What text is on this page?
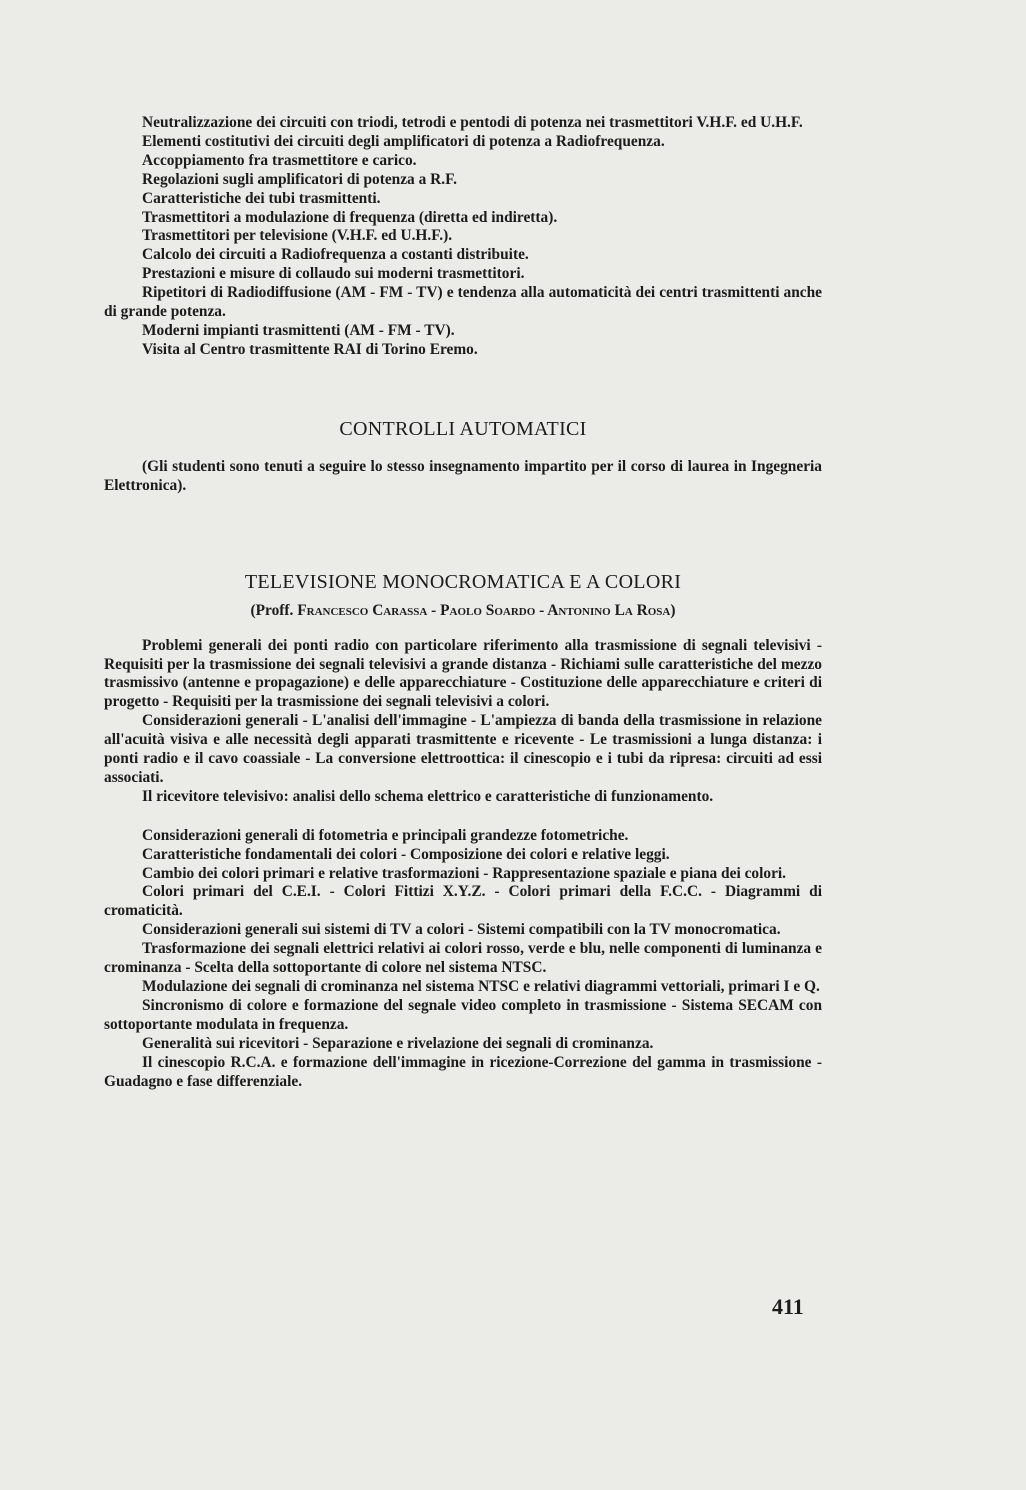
Neutralizzazione dei circuiti con triodi, tetrodi e pentodi di potenza nei trasmettitori V.H.F. ed U.H.F.

Elementi costitutivi dei circuiti degli amplificatori di potenza a Radiofrequenza.

Accoppiamento fra trasmettitore e carico.

Regolazioni sugli amplificatori di potenza a R.F.

Caratteristiche dei tubi trasmittenti.

Trasmettitori a modulazione di frequenza (diretta ed indiretta).

Trasmettitori per televisione (V.H.F. ed U.H.F.).

Calcolo dei circuiti a Radiofrequenza a costanti distribuite.

Prestazioni e misure di collaudo sui moderni trasmettitori.

Ripetitori di Radiodiffusione (AM - FM - TV) e tendenza alla automaticità dei centri trasmittenti anche di grande potenza.

Moderni impianti trasmittenti (AM - FM - TV).

Visita al Centro trasmittente RAI di Torino Eremo.

CONTROLLI AUTOMATICI

(Gli studenti sono tenuti a seguire lo stesso insegnamento impartito per il corso di laurea in Ingegneria Elettronica).

TELEVISIONE MONOCROMATICA E A COLORI

(Proff. Francesco Carassa - Paolo Soardo - Antonino La Rosa)

Problemi generali dei ponti radio con particolare riferimento alla trasmissione di segnali televisivi - Requisiti per la trasmissione dei segnali televisivi a grande distanza - Richiami sulle caratteristiche del mezzo trasmissivo (antenne e propagazione) e delle apparecchiature - Costituzione delle apparecchiature e criteri di progetto - Requisiti per la trasmissione dei segnali televisivi a colori.

Considerazioni generali - L'analisi dell'immagine - L'ampiezza di banda della trasmissione in relazione all'acuità visiva e alle necessità degli apparati trasmittente e ricevente - Le trasmissioni a lunga distanza: i ponti radio e il cavo coassiale - La conversione elettroottica: il cinescopio e i tubi da ripresa: circuiti ad essi associati.

Il ricevitore televisivo: analisi dello schema elettrico e caratteristiche di funzionamento.

Considerazioni generali di fotometria e principali grandezze fotometriche.

Caratteristiche fondamentali dei colori - Composizione dei colori e relative leggi.

Cambio dei colori primari e relative trasformazioni - Rappresentazione spaziale e piana dei colori.

Colori primari del C.E.I. - Colori Fittizi X.Y.Z. - Colori primari della F.C.C. - Diagrammi di cromaticità.

Considerazioni generali sui sistemi di TV a colori - Sistemi compatibili con la TV monocromatica.

Trasformazione dei segnali elettrici relativi ai colori rosso, verde e blu, nelle componenti di luminanza e crominanza - Scelta della sottoportante di colore nel sistema NTSC.

Modulazione dei segnali di crominanza nel sistema NTSC e relativi diagrammi vettoriali, primari I e Q.

Sincronismo di colore e formazione del segnale video completo in trasmissione - Sistema SECAM con sottoportante modulata in frequenza.

Generalità sui ricevitori - Separazione e rivelazione dei segnali di crominanza.

Il cinescopio R.C.A. e formazione dell'immagine in ricezione-Correzione del gamma in trasmissione - Guadagno e fase differenziale.

411
